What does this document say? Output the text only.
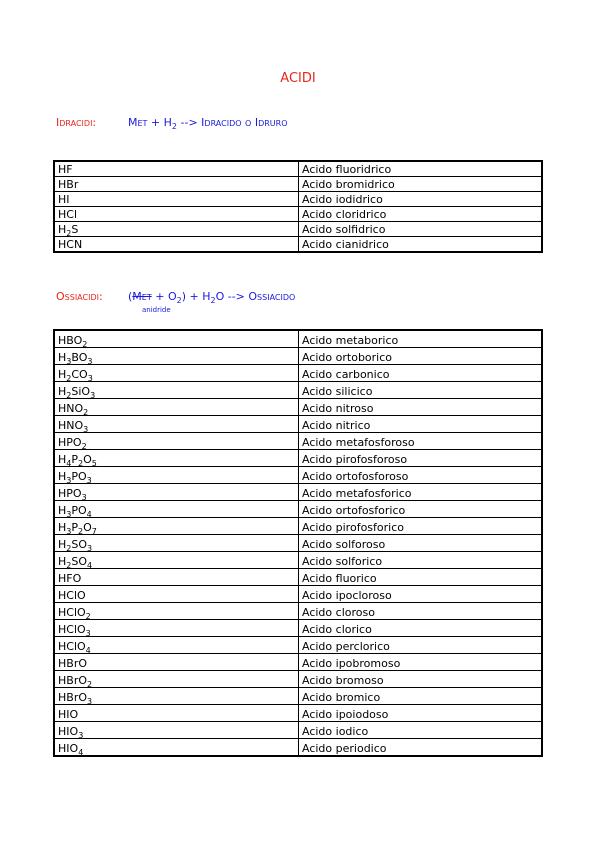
ACIDI
Idracidi:	Met + $H_2$ --> Idracido o Idruro
HF	Acido fluoridrico
HBr	Acido bromidrico
HI	Acido iodidrico
HCl	Acido cloridrico
$H_2S$	Acido solfidrico
HCN	Acido cianidrico
Ossiacidi: $(Met + O_2) + H_2O$ --> Ossiacido
anidride
$HBO_2$	Acido metaborico
$H_3BO_3$	Acido ortoborico
$H_2CO_3$	Acido carbonico
$H_2SiO_3$	Acido silicico
$HNO_2$	Acido nitroso
$HNO_3$	Acido nitrico
$HPO_2$	Acido metafosforoso
$H_4P_2O_5$	Acido pirofosforoso
$H_3PO_3$	Acido ortofosforoso
$HPO_3$	Acido metafosforico
$H_3PO_4$	Acido ortofosforico
$H_3P_2O_7$	Acido pirofosforico
$H_2SO_3$	Acido solforoso
$H_2SO_4$	Acido solforico
HFO	Acido fluorico
HClO	Acido ipocloroso
HClO$_2$	Acido cloroso
HClO$_3$	Acido clorico
HClO$_4$	Acido perclorico
HBrO	Acido ipobromoso
HBrO$_2$	Acido bromoso
HBrO$_3$	Acido bromico
HIO	Acido ipoiodoso
$HIO_3$	Acido iodico
$HIO_4$	Acido periodico
